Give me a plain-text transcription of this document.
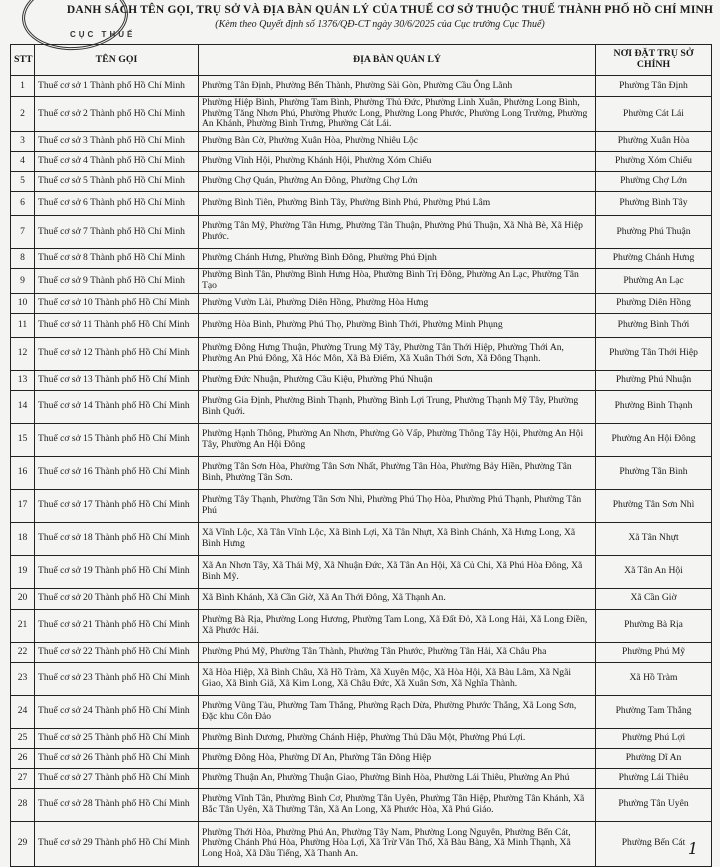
CỤC THUẾ
DANH SÁCH TÊN GỌI, TRỤ SỞ VÀ ĐỊA BÀN QUẢN LÝ CỦA THUẾ CƠ SỞ THUỘC THUẾ THÀNH PHỐ HỒ CHÍ MINH
(Kèm theo Quyết định số 1376/QĐ-CT ngày 30/6/2025 của Cục trưởng Cục Thuế)
STT	TÊN GỌI	ĐỊA BÀN QUẢN LÝ	NƠI ĐẶT TRỤ SỞ CHÍNH
1	Thuế cơ sở 1 Thành phố Hồ Chí Minh	Phường Tân Định, Phường Bến Thành, Phường Sài Gòn, Phường Cầu Ông Lãnh	Phường Tân Định
2	Thuế cơ sở 2 Thành phố Hồ Chí Minh	Phường Hiệp Bình, Phường Tam Bình, Phường Thủ Đức, Phường Linh Xuân, Phường Long Bình, Phường Tăng Nhơn Phú, Phường Phước Long, Phường Long Phước, Phường Long Trường, Phường An Khánh, Phường Bình Trưng, Phường Cát Lái.	Phường Cát Lái
3	Thuế cơ sở 3 Thành phố Hồ Chí Minh	Phường Bàn Cờ, Phường Xuân Hòa, Phường Nhiêu Lộc	Phường Xuân Hòa
4	Thuế cơ sở 4 Thành phố Hồ Chí Minh	Phường Vĩnh Hội, Phường Khánh Hội, Phường Xóm Chiếu	Phường Xóm Chiếu
5	Thuế cơ sở 5 Thành phố Hồ Chí Minh	Phường Chợ Quán, Phường An Đông, Phường Chợ Lớn	Phường Chợ Lớn
6	Thuế cơ sở 6 Thành phố Hồ Chí Minh	Phường Bình Tiên, Phường Bình Tây, Phường Bình Phú, Phường Phú Lâm	Phường Bình Tây
7	Thuế cơ sở 7 Thành phố Hồ Chí Minh	Phường Tân Mỹ, Phường Tân Hưng, Phường Tân Thuận, Phường Phú Thuận, Xã Nhà Bè, Xã Hiệp Phước.	Phường Phú Thuận
8	Thuế cơ sở 8 Thành phố Hồ Chí Minh	Phường Chánh Hưng, Phường Bình Đông, Phường Phú Định	Phường Chánh Hưng
9	Thuế cơ sở 9 Thành phố Hồ Chí Minh	Phường Bình Tân, Phường Bình Hưng Hòa, Phường Bình Trị Đông, Phường An Lạc, Phường Tân Tạo	Phường An Lạc
10	Thuế cơ sở 10 Thành phố Hồ Chí Minh	Phường Vườn Lài, Phường Diên Hồng, Phường Hòa Hưng	Phường Diên Hồng
11	Thuế cơ sở 11 Thành phố Hồ Chí Minh	Phường Hòa Bình, Phường Phú Thọ, Phường Bình Thới, Phường Minh Phụng	Phường Bình Thới
12	Thuế cơ sở 12 Thành phố Hồ Chí Minh	Phường Đông Hưng Thuận, Phường Trung Mỹ Tây, Phường Tân Thới Hiệp, Phường Thới An, Phường An Phú Đông, Xã Hóc Môn, Xã Bà Điểm, Xã Xuân Thới Sơn, Xã Đông Thạnh.	Phường Tân Thới Hiệp
13	Thuế cơ sở 13 Thành phố Hồ Chí Minh	Phường Đức Nhuận, Phường Cầu Kiệu, Phường Phú Nhuận	Phường Phú Nhuận
14	Thuế cơ sở 14 Thành phố Hồ Chí Minh	Phường Gia Định, Phường Bình Thạnh, Phường Bình Lợi Trung, Phường Thạnh Mỹ Tây, Phường Bình Quới.	Phường Bình Thạnh
15	Thuế cơ sở 15 Thành phố Hồ Chí Minh	Phường Hạnh Thông, Phường An Nhơn, Phường Gò Vấp, Phường Thông Tây Hội, Phường An Hội Tây, Phường An Hội Đông	Phường An Hội Đông
16	Thuế cơ sở 16 Thành phố Hồ Chí Minh	Phường Tân Sơn Hòa, Phường Tân Sơn Nhất, Phường Tân Hòa, Phường Bảy Hiền, Phường Tân Bình, Phường Tân Sơn.	Phường Tân Bình
17	Thuế cơ sở 17 Thành phố Hồ Chí Minh	Phường Tây Thạnh, Phường Tân Sơn Nhì, Phường Phú Thọ Hòa, Phường Phú Thạnh, Phường Tân Phú	Phường Tân Sơn Nhì
18	Thuế cơ sở 18 Thành phố Hồ Chí Minh	Xã Vĩnh Lộc, Xã Tân Vĩnh Lộc, Xã Bình Lợi, Xã Tân Nhựt, Xã Bình Chánh, Xã Hưng Long, Xã Bình Hưng	Xã Tân Nhựt
19	Thuế cơ sở 19 Thành phố Hồ Chí Minh	Xã An Nhơn Tây, Xã Thái Mỹ, Xã Nhuận Đức, Xã Tân An Hội, Xã Củ Chi, Xã Phú Hòa Đông, Xã Bình Mỹ.	Xã Tân An Hội
20	Thuế cơ sở 20 Thành phố Hồ Chí Minh	Xã Bình Khánh, Xã Cần Giờ, Xã An Thới Đông, Xã Thạnh An.	Xã Cần Giờ
21	Thuế cơ sở 21 Thành phố Hồ Chí Minh	Phường Bà Rịa, Phường Long Hương, Phường Tam Long, Xã Đất Đỏ, Xã Long Hải, Xã Long Điền, Xã Phước Hải.	Phường Bà Rịa
22	Thuế cơ sở 22 Thành phố Hồ Chí Minh	Phường Phú Mỹ, Phường Tân Thành, Phường Tân Phước, Phường Tân Hải, Xã Châu Pha	Phường Phú Mỹ
23	Thuế cơ sở 23 Thành phố Hồ Chí Minh	Xã Hòa Hiệp, Xã Bình Châu, Xã Hồ Tràm, Xã Xuyên Mộc, Xã Hòa Hội, Xã Bàu Lâm, Xã Ngãi Giao, Xã Bình Giã, Xã Kim Long, Xã Châu Đức, Xã Xuân Sơn, Xã Nghĩa Thành.	Xã Hồ Tràm
24	Thuế cơ sở 24 Thành phố Hồ Chí Minh	Phường Vũng Tàu, Phường Tam Thắng, Phường Rạch Dừa, Phường Phước Thắng, Xã Long Sơn, Đặc khu Côn Đảo	Phường Tam Thắng
25	Thuế cơ sở 25 Thành phố Hồ Chí Minh	Phường Bình Dương, Phường Chánh Hiệp, Phường Thủ Dầu Một, Phường Phú Lợi.	Phường Phú Lợi
26	Thuế cơ sở 26 Thành phố Hồ Chí Minh	Phường Đông Hòa, Phường Dĩ An, Phường Tân Đông Hiệp	Phường Dĩ An
27	Thuế cơ sở 27 Thành phố Hồ Chí Minh	Phường Thuận An, Phường Thuận Giao, Phường Bình Hòa, Phường Lái Thiêu, Phường An Phú	Phường Lái Thiêu
28	Thuế cơ sở 28 Thành phố Hồ Chí Minh	Phường Vĩnh Tân, Phường Bình Cơ, Phường Tân Uyên, Phường Tân Hiệp, Phường Tân Khánh, Xã Bắc Tân Uyên, Xã Thường Tân, Xã An Long, Xã Phước Hòa, Xã Phú Giáo.	Phường Tân Uyên
29	Thuế cơ sở 29 Thành phố Hồ Chí Minh	Phường Thới Hòa, Phường Phú An, Phường Tây Nam, Phường Long Nguyên, Phường Bến Cát, Phường Chánh Phú Hòa, Phường Hòa Lợi, Xã Trừ Văn Thố, Xã Bàu Bàng, Xã Minh Thạnh, Xã Long Hoà, Xã Dầu Tiếng, Xã Thanh An.	Phường Bến Cát 1
